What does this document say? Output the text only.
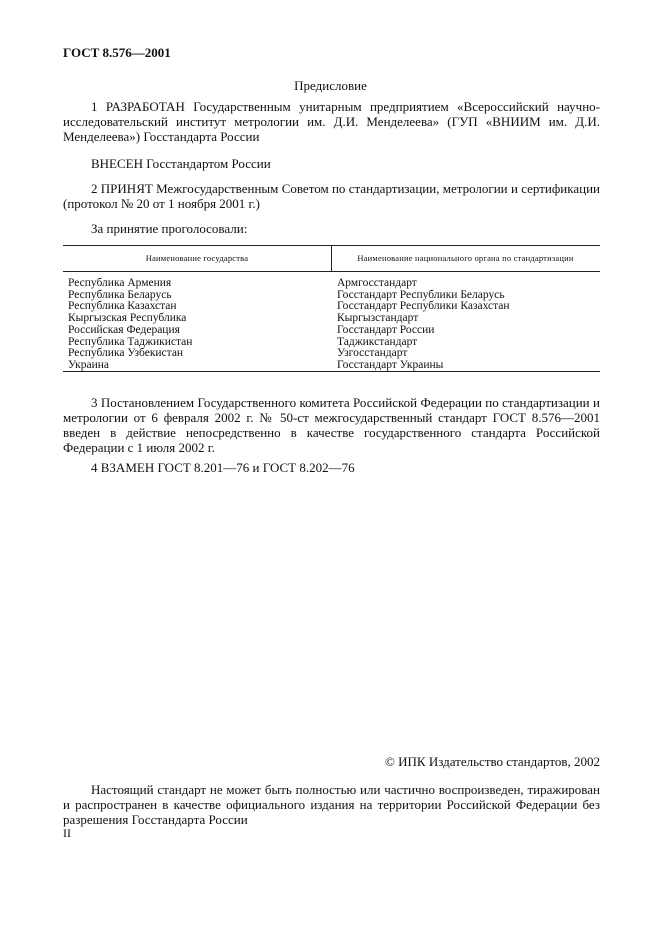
ГОСТ 8.576—2001
Предисловие
1 РАЗРАБОТАН Государственным унитарным предприятием «Всероссийский научно-исследовательский институт метрологии им. Д.И. Менделеева» (ГУП «ВНИИМ им. Д.И. Менделеева») Госстандарта России
ВНЕСЕН Госстандартом России
2 ПРИНЯТ Межгосударственным Советом по стандартизации, метрологии и сертификации (протокол № 20 от 1 ноября 2001 г.)
За принятие проголосовали:
Наименование государства	Наименование национального органа по стандартизации
Республика Армения
Республика Беларусь
Республика Казахстан
Кыргызская Республика
Российская Федерация
Республика Таджикистан
Республика Узбекистан
Украина
Армгосстандарт
Госстандарт Республики Беларусь
Госстандарт Республики Казахстан
Кыргызстандарт
Госстандарт России
Таджикстандарт
Узгосстандарт
Госстандарт Украины
3 Постановлением Государственного комитета Российской Федерации по стандартизации и метрологии от 6 февраля 2002 г. № 50-ст межгосударственный стандарт ГОСТ 8.576—2001 введен в действие непосредственно в качестве государственного стандарта Российской Федерации с 1 июля 2002 г.
4 ВЗАМЕН ГОСТ 8.201—76 и ГОСТ 8.202—76
© ИПК Издательство стандартов, 2002
Настоящий стандарт не может быть полностью или частично воспроизведен, тиражирован и распространен в качестве официального издания на территории Российской Федерации без разрешения Госстандарта России
II
